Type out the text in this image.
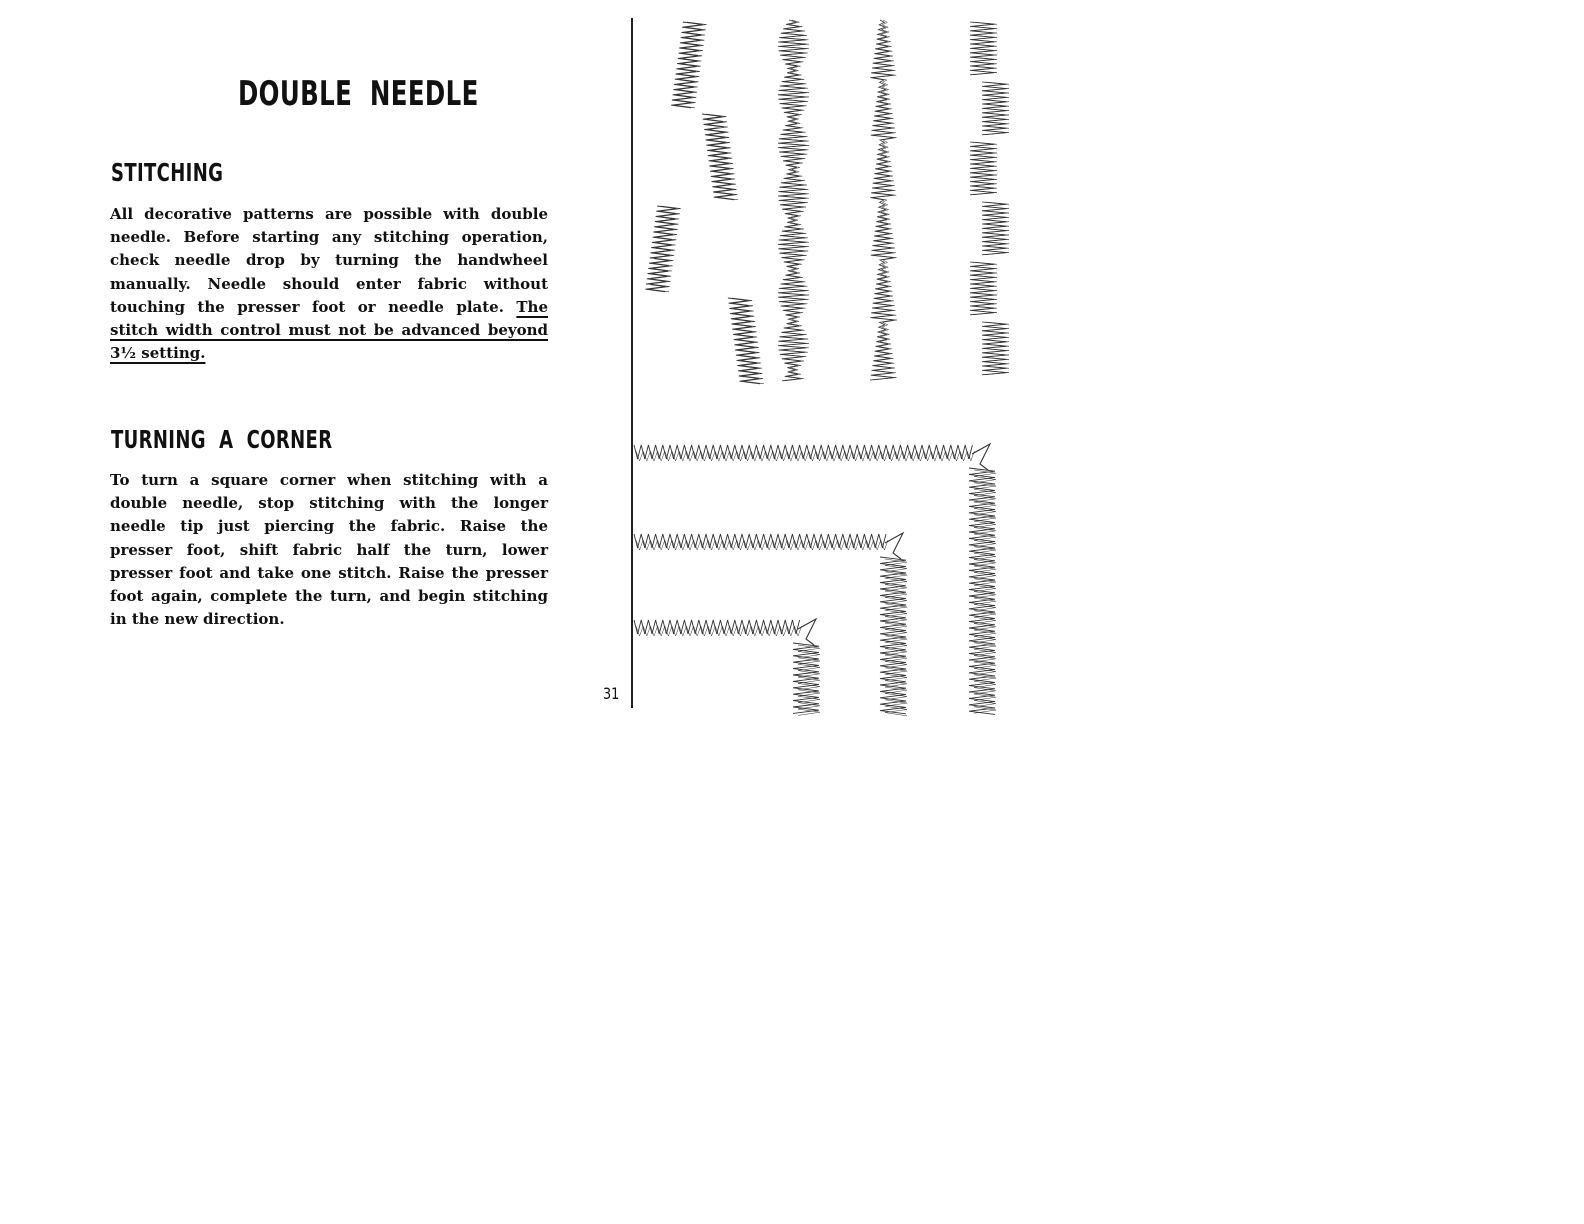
DOUBLE  NEEDLE
STITCHING

All decorative patterns are possible with double needle. Before starting any stitching operation, check needle drop by turning the handwheel manually. Needle should enter fabric without touching the presser foot or needle plate. The stitch width control must not be advanced beyond 3½ setting.

TURNING  A  CORNER

To turn a square corner when stitching with a double needle, stop stitching with the longer needle tip just piercing the fabric. Raise the presser foot, shift fabric half the turn, lower presser foot and take one stitch. Raise the presser foot again, complete the turn, and begin stitching in the new direction.

31
